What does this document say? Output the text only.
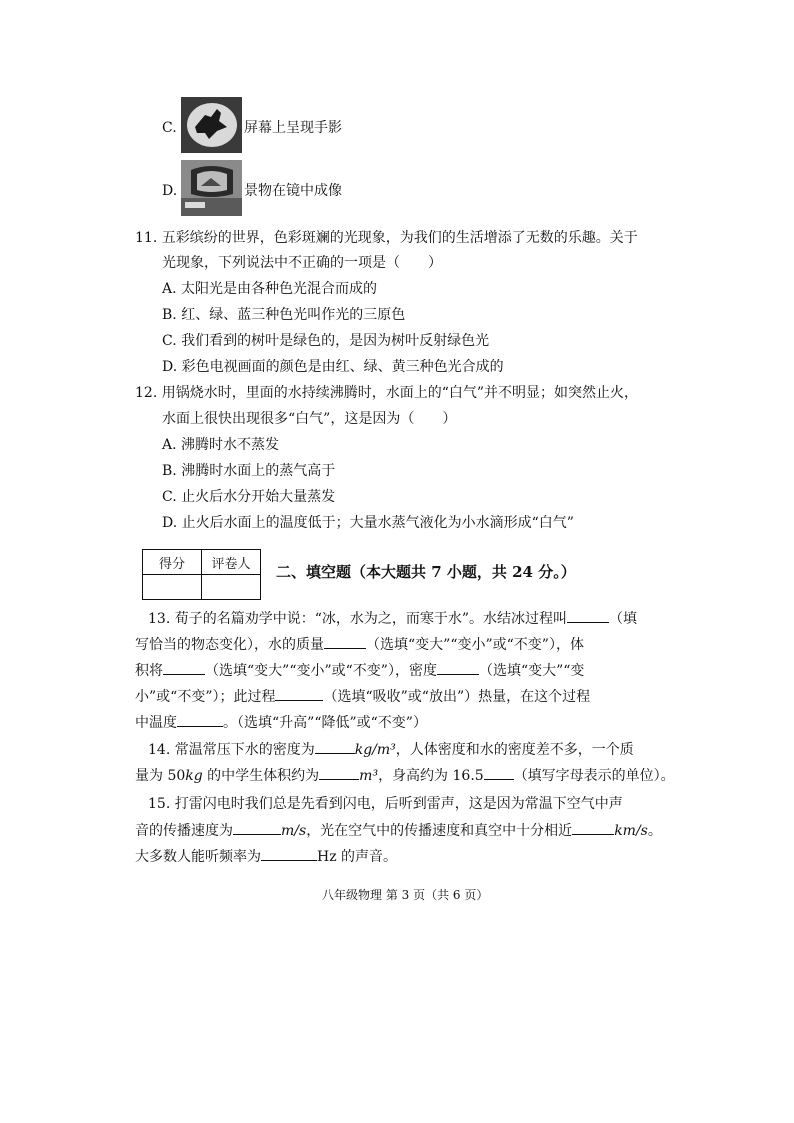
C.	屏幕上呈现手影
D.	景物在镜中成像
11. 五彩缤纷的世界，色彩斑斓的光现象，为我们的生活增添了无数的乐趣。关于
光现象，下列说法中不正确的一项是（　　）
A. 太阳光是由各种色光混合而成的
B. 红、绿、蓝三种色光叫作光的三原色
C. 我们看到的树叶是绿色的，是因为树叶反射绿色光
D. 彩色电视画面的颜色是由红、绿、黄三种色光合成的
12. 用锅烧水时，里面的水持续沸腾时，水面上的“白气”并不明显；如突然止火，
水面上很快出现很多“白气”，这是因为（　　）
A. 沸腾时水不蒸发
B. 沸腾时水面上的蒸气高于
C. 止火后水分开始大量蒸发
D. 止火后水面上的温度低于；大量水蒸气液化为小水滴形成“白气”
得分	评卷人
	二、填空题（本大题共 7 小题，共 24 分。）
13. 荀子的名篇劝学中说：“冰，水为之，而寒于水”。水结冰过程叫	（填
写恰当的物态变化），水的质量	（选填“变大”“变小”或“不变”），体
积将	（选填“变大”“变小”或“不变”），密度	（选填“变大”“变
小”或“不变”）；此过程	（选填“吸收”或“放出”）热量，在这个过程
中温度	。（选填“升高”“降低”或“不变”）
14. 常温常压下水的密度为	kg/m³，人体密度和水的密度差不多，一个质
量为 50kg 的中学生体积约为	m³，身高约为 16.5 （填写字母表示的单位）。
15. 打雷闪电时我们总是先看到闪电，后听到雷声，这是因为常温下空气中声
音的传播速度为	m/s，光在空气中的传播速度和真空中十分相近	km/s。
大多数人能听频率为	Hz 的声音。
八年级物理 第 3 页（共 6 页）
